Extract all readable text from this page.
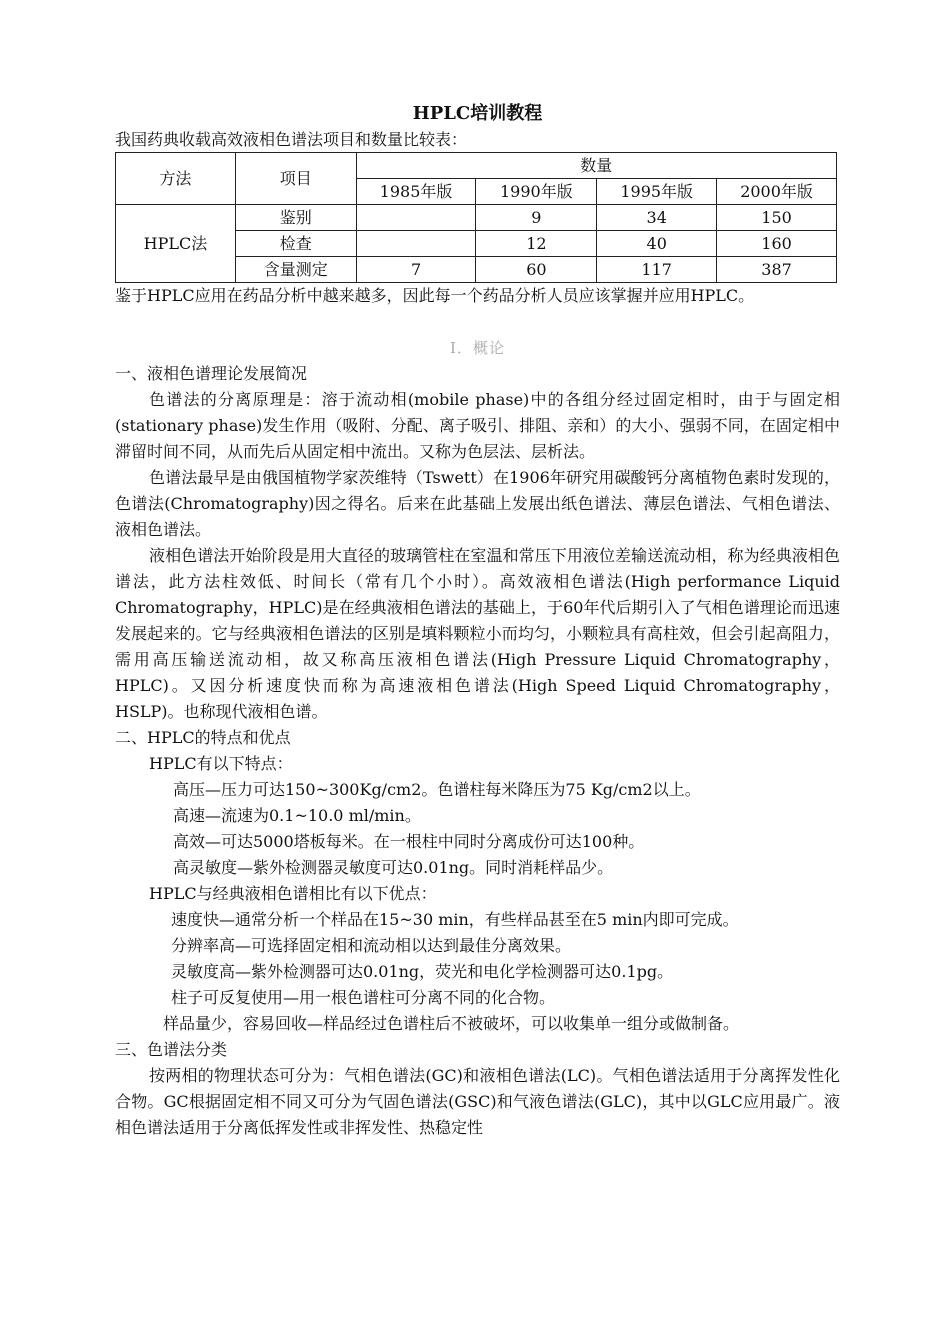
HPLC培训教程
我国药典收载高效液相色谱法项目和数量比较表：
方法	项目	数量			
		1985年版	1990年版	1995年版	2000年版
HPLC法	鉴别		9	34	150
	检查		12	40	160
	含量测定	7	60	117	387
鉴于HPLC应用在药品分析中越来越多，因此每一个药品分析人员应该掌握并应用HPLC。
I．概论
一、液相色谱理论发展简况
色谱法的分离原理是：溶于流动相(mobile phase)中的各组分经过固定相时，由于与固定相(stationary phase)发生作用（吸附、分配、离子吸引、排阻、亲和）的大小、强弱不同，在固定相中滞留时间不同，从而先后从固定相中流出。又称为色层法、层析法。
色谱法最早是由俄国植物学家茨维特（Tswett）在1906年研究用碳酸钙分离植物色素时发现的，色谱法(Chromatography)因之得名。后来在此基础上发展出纸色谱法、薄层色谱法、气相色谱法、液相色谱法。
液相色谱法开始阶段是用大直径的玻璃管柱在室温和常压下用液位差输送流动相，称为经典液相色谱法，此方法柱效低、时间长（常有几个小时）。高效液相色谱法(High performance Liquid Chromatography，HPLC)是在经典液相色谱法的基础上，于60年代后期引入了气相色谱理论而迅速发展起来的。它与经典液相色谱法的区别是填料颗粒小而均匀，小颗粒具有高柱效，但会引起高阻力，需用高压输送流动相，故又称高压液相色谱法(High Pressure Liquid Chromatography，HPLC)。又因分析速度快而称为高速液相色谱法(High Speed Liquid Chromatography，HSLP)。也称现代液相色谱。
二、HPLC的特点和优点
HPLC有以下特点：
高压—压力可达150~300Kg/cm2。色谱柱每米降压为75 Kg/cm2以上。
高速—流速为0.1~10.0 ml/min。
高效—可达5000塔板每米。在一根柱中同时分离成份可达100种。
高灵敏度—紫外检测器灵敏度可达0.01ng。同时消耗样品少。
HPLC与经典液相色谱相比有以下优点：
速度快—通常分析一个样品在15~30 min，有些样品甚至在5 min内即可完成。
分辨率高—可选择固定相和流动相以达到最佳分离效果。
灵敏度高—紫外检测器可达0.01ng，荧光和电化学检测器可达0.1pg。
柱子可反复使用—用一根色谱柱可分离不同的化合物。
样品量少，容易回收—样品经过色谱柱后不被破坏，可以收集单一组分或做制备。
三、色谱法分类
按两相的物理状态可分为：气相色谱法(GC)和液相色谱法(LC)。气相色谱法适用于分离挥发性化合物。GC根据固定相不同又可分为气固色谱法(GSC)和气液色谱法(GLC)，其中以GLC应用最广。液相色谱法适用于分离低挥发性或非挥发性、热稳定性
